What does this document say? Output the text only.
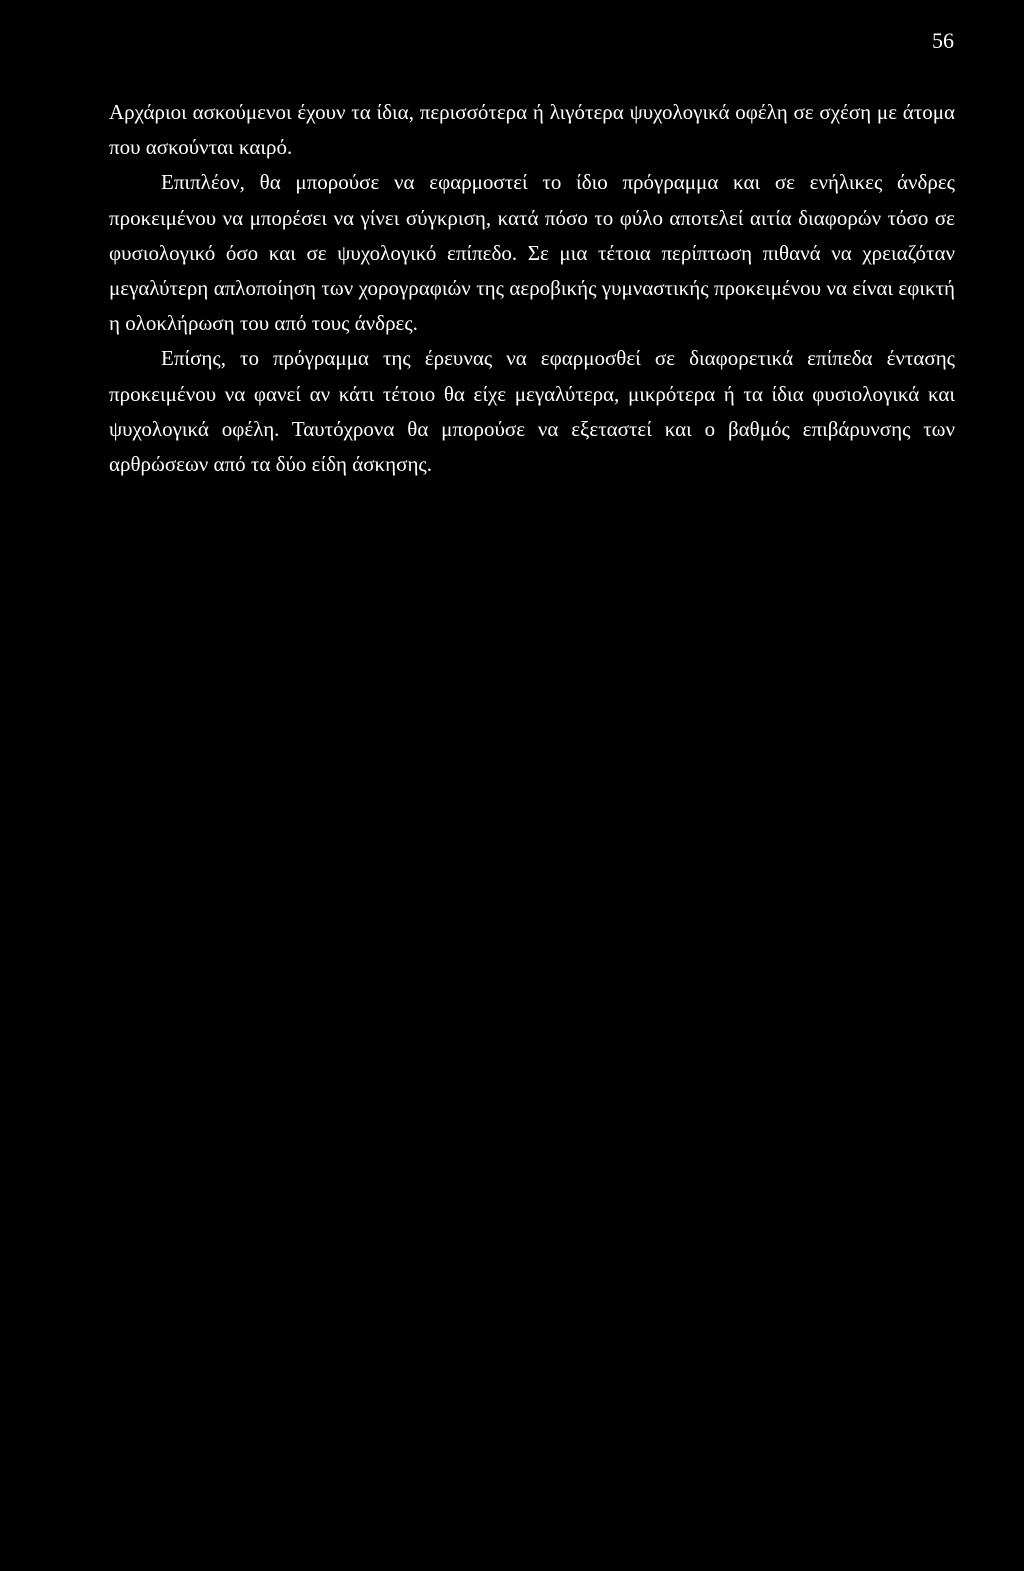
56

Αρχάριοι ασκούμενοι έχουν τα ίδια, περισσότερα ή λιγότερα ψυχολογικά οφέλη σε σχέση με άτομα που ασκούνται καιρό.

Επιπλέον, θα μπορούσε να εφαρμοστεί το ίδιο πρόγραμμα και σε ενήλικες άνδρες προκειμένου να μπορέσει να γίνει σύγκριση, κατά πόσο το φύλο αποτελεί αιτία διαφορών τόσο σε φυσιολογικό όσο και σε ψυχολογικό επίπεδο. Σε μια τέτοια περίπτωση πιθανά να χρειαζόταν μεγαλύτερη απλοποίηση των χορογραφιών της αεροβικής γυμναστικής προκειμένου να είναι εφικτή η ολοκλήρωση του από τους άνδρες.

Επίσης, το πρόγραμμα της έρευνας να εφαρμοσθεί σε διαφορετικά επίπεδα έντασης προκειμένου να φανεί αν κάτι τέτοιο θα είχε μεγαλύτερα, μικρότερα ή τα ίδια φυσιολογικά και ψυχολογικά οφέλη. Ταυτόχρονα θα μπορούσε να εξεταστεί και ο βαθμός επιβάρυνσης των αρθρώσεων από τα δύο είδη άσκησης.
